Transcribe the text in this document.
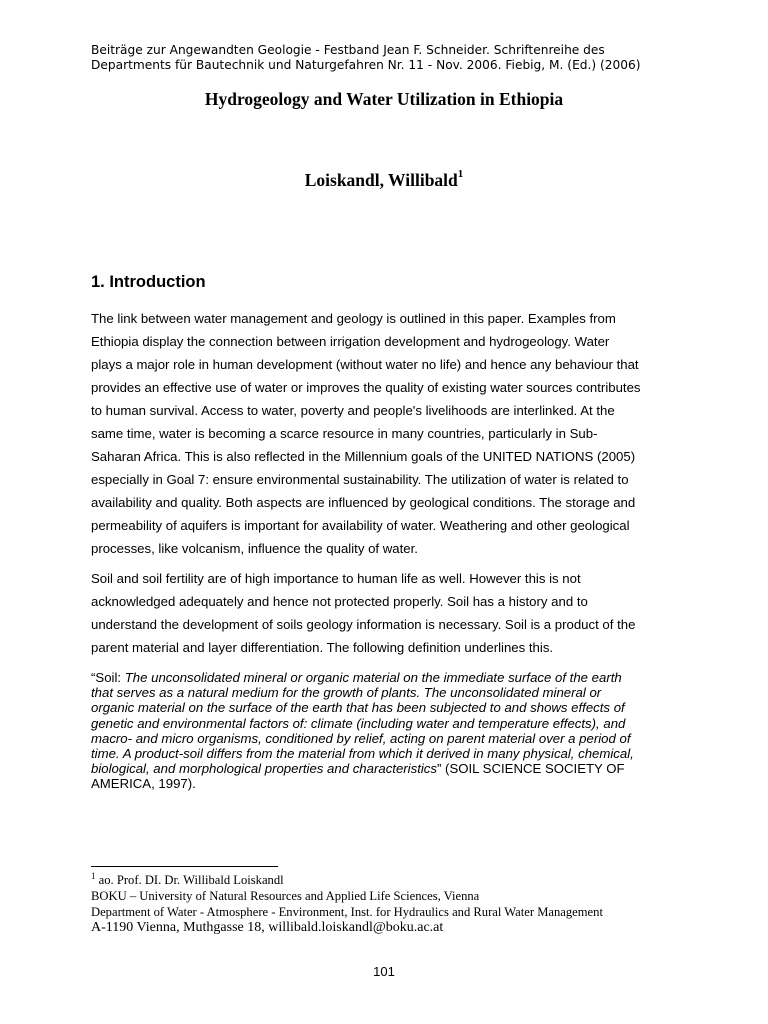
Beiträge zur Angewandten Geologie - Festband Jean F. Schneider. Schriftenreihe des
Departments für Bautechnik und Naturgefahren Nr. 11 - Nov. 2006. Fiebig, M. (Ed.) (2006)
Hydrogeology and Water Utilization in Ethiopia
Loiskandl, Willibald$^1$
1. Introduction

The link between water management and geology is outlined in this paper. Examples from
Ethiopia display the connection between irrigation development and hydrogeology. Water
plays a major role in human development (without water no life) and hence any behaviour that
provides an effective use of water or improves the quality of existing water sources contributes
to human survival. Access to water, poverty and people's livelihoods are interlinked. At the
same time, water is becoming a scarce resource in many countries, particularly in Sub-
Saharan Africa. This is also reflected in the Millennium goals of the UNITED NATIONS (2005)
especially in Goal 7: ensure environmental sustainability. The utilization of water is related to
availability and quality. Both aspects are influenced by geological conditions. The storage and
permeability of aquifers is important for availability of water. Weathering and other geological
processes, like volcanism, influence the quality of water.

Soil and soil fertility are of high importance to human life as well. However this is not
acknowledged adequately and hence not protected properly. Soil has a history and to
understand the development of soils geology information is necessary. Soil is a product of the
parent material and layer differentiation. The following definition underlines this.

“Soil: The unconsolidated mineral or organic material on the immediate surface of the earth
that serves as a natural medium for the growth of plants. The unconsolidated mineral or
organic material on the surface of the earth that has been subjected to and shows effects of
genetic and environmental factors of: climate (including water and temperature effects), and
macro- and micro organisms, conditioned by relief, acting on parent material over a period of
time. A product-soil differs from the material from which it derived in many physical, chemical,
biological, and morphological properties and characteristics” (SOIL SCIENCE SOCIETY OF
AMERICA, 1997).

$^1$ ao. Prof. DI. Dr. Willibald Loiskandl
BOKU – University of Natural Resources and Applied Life Sciences, Vienna
Department of Water - Atmosphere - Environment, Inst. for Hydraulics and Rural Water Management
A-1190 Vienna, Muthgasse 18, willibald.loiskandl@boku.ac.at

101
